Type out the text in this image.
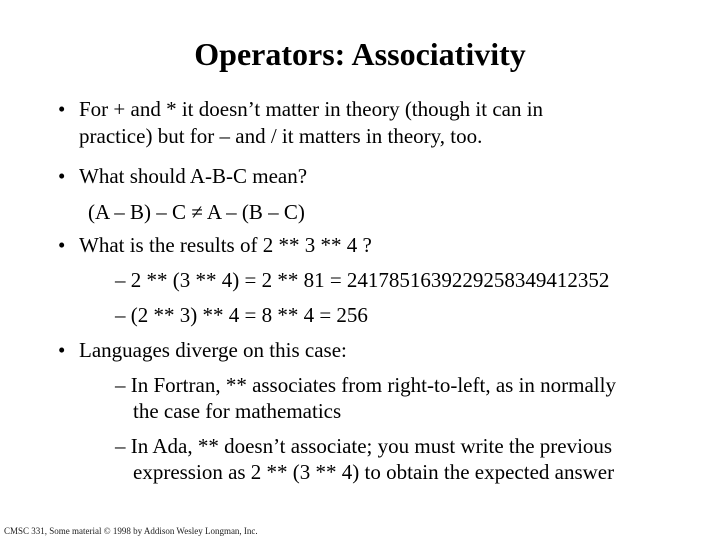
Operators: Associativity
• For + and * it doesn’t matter in theory (though it can in
practice) but for – and / it matters in theory, too.
• What should A-B-C mean?
(A – B) – C ≠ A – (B – C)
• What is the results of 2 ** 3 ** 4 ?
– 2 ** (3 ** 4) = 2 ** 81 = 2417851639229258349412352
– (2 ** 3) ** 4 = 8 ** 4 = 256
• Languages diverge on this case:
– In Fortran, ** associates from right-to-left, as in normally
the case for mathematics
– In Ada, ** doesn’t associate; you must write the previous
expression as 2 ** (3 ** 4) to obtain the expected answer
CMSC 331, Some material © 1998 by Addison Wesley Longman, Inc.
